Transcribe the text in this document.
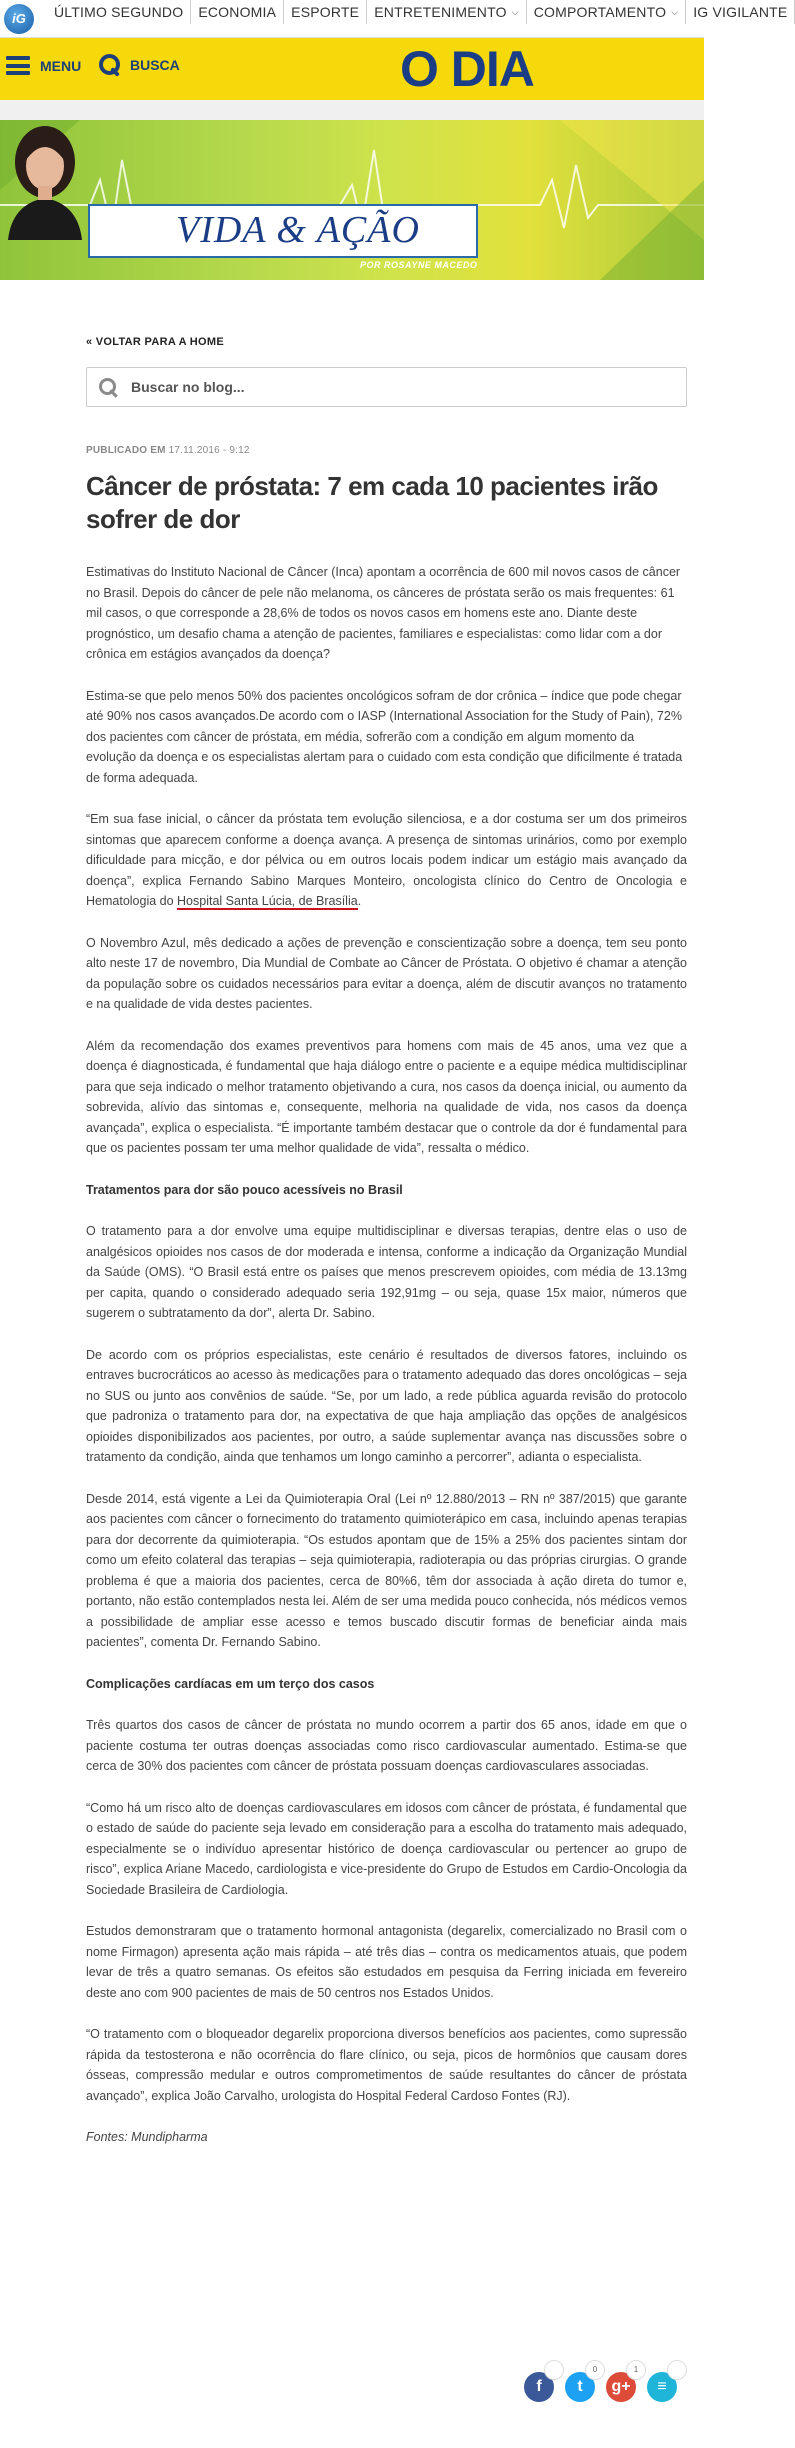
iG	ÚLTIMO SEGUNDO ECONOMIA ESPORTE ENTRETENIMENTO ⌵ COMPORTAMENTO ⌵ IG VIGILANTE
MENU	BUSCA	O DIA
VIDA & AÇÃO
POR ROSAYNE MACEDO
« VOLTAR PARA A HOME
Buscar no blog...
PUBLICADO EM 17.11.2016 - 9:12
Câncer de próstata: 7 em cada 10 pacientes irão sofrer de dor

Estimativas do Instituto Nacional de Câncer (Inca) apontam a ocorrência de 600 mil novos casos de câncer no Brasil. Depois do câncer de pele não melanoma, os cânceres de próstata serão os mais frequentes: 61 mil casos, o que corresponde a 28,6% de todos os novos casos em homens este ano. Diante deste prognóstico, um desafio chama a atenção de pacientes, familiares e especialistas: como lidar com a dor crônica em estágios avançados da doença?

Estima-se que pelo menos 50% dos pacientes oncológicos sofram de dor crônica – índice que pode chegar até 90% nos casos avançados.De acordo com o IASP (International Association for the Study of Pain), 72% dos pacientes com câncer de próstata, em média, sofrerão com a condição em algum momento da evolução da doença e os especialistas alertam para o cuidado com esta condição que dificilmente é tratada de forma adequada.

“Em sua fase inicial, o câncer da próstata tem evolução silenciosa, e a dor costuma ser um dos primeiros sintomas que aparecem conforme a doença avança. A presença de sintomas urinários, como por exemplo dificuldade para micção, e dor pélvica ou em outros locais podem indicar um estágio mais avançado da doença”, explica Fernando Sabino Marques Monteiro, oncologista clínico do Centro de Oncologia e Hematologia do Hospital Santa Lúcia, de Brasília.

O Novembro Azul, mês dedicado a ações de prevenção e conscientização sobre a doença, tem seu ponto alto neste 17 de novembro, Dia Mundial de Combate ao Câncer de Próstata. O objetivo é chamar a atenção da população sobre os cuidados necessários para evitar a doença, além de discutir avanços no tratamento e na qualidade de vida destes pacientes.

Além da recomendação dos exames preventivos para homens com mais de 45 anos, uma vez que a doença é diagnosticada, é fundamental que haja diálogo entre o paciente e a equipe médica multidisciplinar para que seja indicado o melhor tratamento objetivando a cura, nos casos da doença inicial, ou aumento da sobrevida, alívio das sintomas e, consequente, melhoria na qualidade de vida, nos casos da doença avançada”, explica o especialista. “É importante também destacar que o controle da dor é fundamental para que os pacientes possam ter uma melhor qualidade de vida”, ressalta o médico.

Tratamentos para dor são pouco acessíveis no Brasil

O tratamento para a dor envolve uma equipe multidisciplinar e diversas terapias, dentre elas o uso de analgésicos opioides nos casos de dor moderada e intensa, conforme a indicação da Organização Mundial da Saúde (OMS). “O Brasil está entre os países que menos prescrevem opioides, com média de 13.13mg per capita, quando o considerado adequado seria 192,91mg – ou seja, quase 15x maior, números que sugerem o subtratamento da dor”, alerta Dr. Sabino.

De acordo com os próprios especialistas, este cenário é resultados de diversos fatores, incluindo os entraves bucrocráticos ao acesso às medicações para o tratamento adequado das dores oncológicas – seja no SUS ou junto aos convênios de saúde. “Se, por um lado, a rede pública aguarda revisão do protocolo que padroniza o tratamento para dor, na expectativa de que haja ampliação das opções de analgésicos opioides disponibilizados aos pacientes, por outro, a saúde suplementar avança nas discussões sobre o tratamento da condição, ainda que tenhamos um longo caminho a percorrer”, adianta o especialista.

Desde 2014, está vigente a Lei da Quimioterapia Oral (Lei nº 12.880/2013 – RN nº 387/2015) que garante aos pacientes com câncer o fornecimento do tratamento quimioterápico em casa, incluindo apenas terapias para dor decorrente da quimioterapia. “Os estudos apontam que de 15% a 25% dos pacientes sintam dor como um efeito colateral das terapias – seja quimioterapia, radioterapia ou das próprias cirurgias. O grande problema é que a maioria dos pacientes, cerca de 80%6, têm dor associada à ação direta do tumor e, portanto, não estão contemplados nesta lei. Além de ser uma medida pouco conhecida, nós médicos vemos a possibilidade de ampliar esse acesso e temos buscado discutir formas de beneficiar ainda mais pacientes”, comenta Dr. Fernando Sabino.

Complicações cardíacas em um terço dos casos

Três quartos dos casos de câncer de próstata no mundo ocorrem a partir dos 65 anos, idade em que o paciente costuma ter outras doenças associadas como risco cardiovascular aumentado. Estima-se que cerca de 30% dos pacientes com câncer de próstata possuam doenças cardiovasculares associadas.

“Como há um risco alto de doenças cardiovasculares em idosos com câncer de próstata, é fundamental que o estado de saúde do paciente seja levado em consideração para a escolha do tratamento mais adequado, especialmente se o indivíduo apresentar histórico de doença cardiovascular ou pertencer ao grupo de risco”, explica Ariane Macedo, cardiologista e vice-presidente do Grupo de Estudos em Cardio-Oncologia da Sociedade Brasileira de Cardiologia.

Estudos demonstraram que o tratamento hormonal antagonista (degarelix, comercializado no Brasil com o nome Firmagon) apresenta ação mais rápida – até três dias – contra os medicamentos atuais, que podem levar de três a quatro semanas. Os efeitos são estudados em pesquisa da Ferring iniciada em fevereiro deste ano com 900 pacientes de mais de 50 centros nos Estados Unidos.

“O tratamento com o bloqueador degarelix proporciona diversos benefícios aos pacientes, como supressão rápida da testosterona e não ocorrência do flare clínico, ou seja, picos de hormônios que causam dores ósseas, compressão medular e outros comprometimentos de saúde resultantes do câncer de próstata avançado”, explica João Carvalho, urologista do Hospital Federal Cardoso Fontes (RJ).

Fontes: Mundipharma

f	t
0
g+
1
≡
